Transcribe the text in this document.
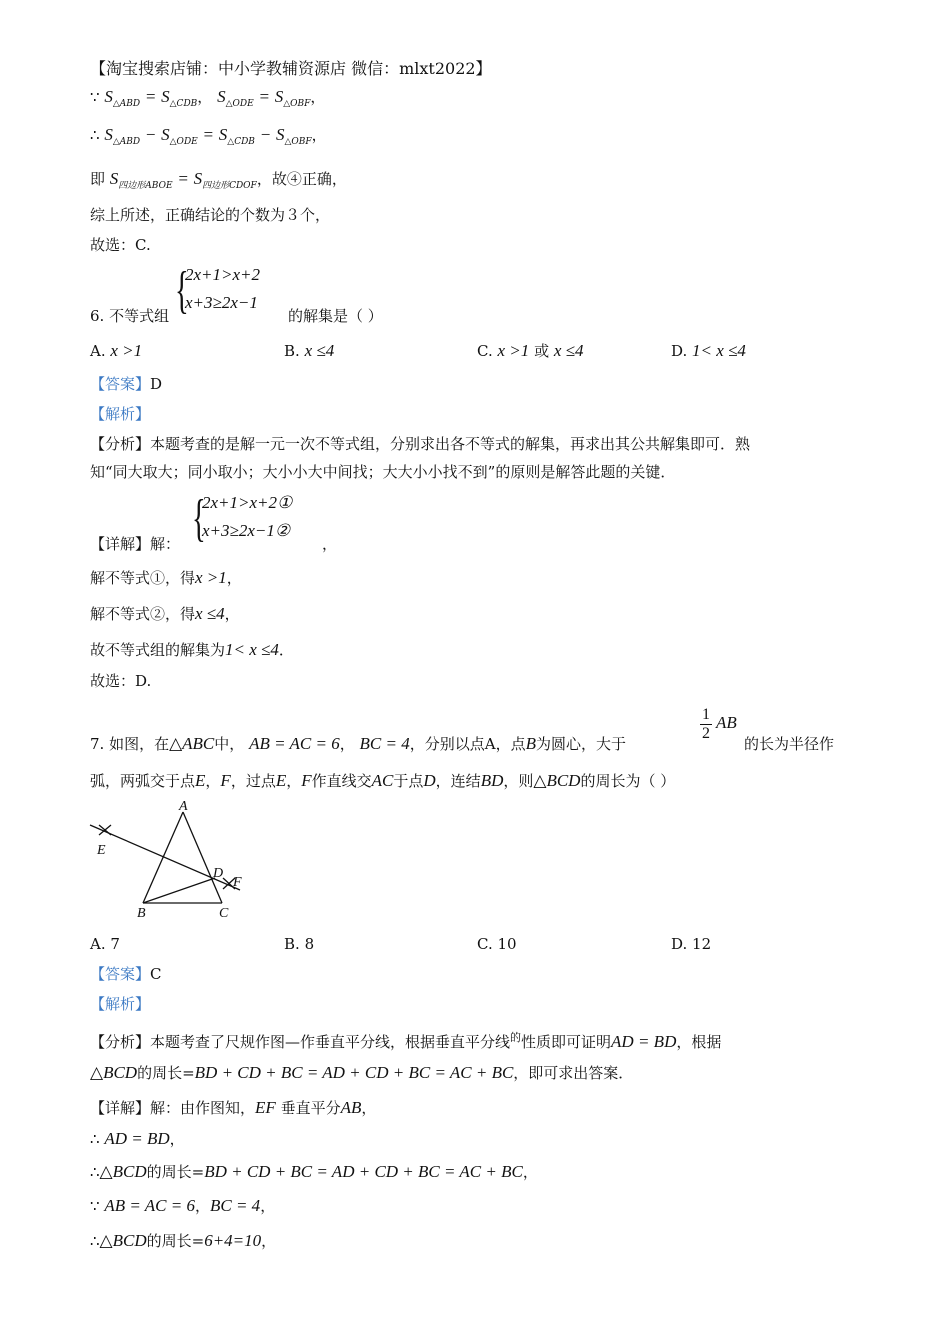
【淘宝搜索店铺：中小学教辅资源店 微信：mlxt2022】
∵ $S_{\triangle ABD} = S_{\triangle CDB}$， $S_{\triangle ODE} = S_{\triangle OBF}$，
∴ $S_{\triangle ABD} - S_{\triangle ODE} = S_{\triangle CDB} - S_{\triangle OBF}$，
即 $S_{四边形ABOE} = S_{四边形CDOF}$，故④正确，
综上所述，正确结论的个数为３个，
故选：C.
6. 不等式组 {
2x+1>x+2
x+3≥2x−1
的解集是（ ）
A. x >1	B. x ≤4	C. x >1 或 x ≤4	D. 1< x ≤4
【答案】D
【解析】
【分析】本题考查的是解一元一次不等式组，分别求出各不等式的解集，再求出其公共解集即可．熟
知“同大取大；同小取小；大小小大中间找；大大小小找不到”的原则是解答此题的关键．
【详解】解： {
2x+1>x+2①
x+3≥2x−1②
，
解不等式①，得x >1，
解不等式②，得x ≤4，
故不等式组的解集为1< x ≤4．
故选：D.
7. 如图，在△ABC中， AB = AC = 6， BC = 4，分别以点A，点B为圆心，大于
1
2
AB
的长为半径作
弧，两弧交于点E，F，过点E，F作直线交AC于点D，连结BD，则△BCD的周长为（ ）
A
B	C
D
E
F
A. 7	B. 8	C. 10	D. 12
【答案】C
【解析】
【分析】本题考查了尺规作图—作垂直平分线，根据垂直平分线$^的$性质即可证明AD = BD，根据
△BCD的周长=BD + CD + BC = AD + CD + BC = AC + BC，即可求出答案．
【详解】解：由作图知，EF 垂直平分AB，
∴ AD = BD，
∴△BCD的周长=BD + CD + BC = AD + CD + BC = AC + BC，
∵ AB = AC = 6，BC = 4，
∴△BCD的周长=6+4=10，
